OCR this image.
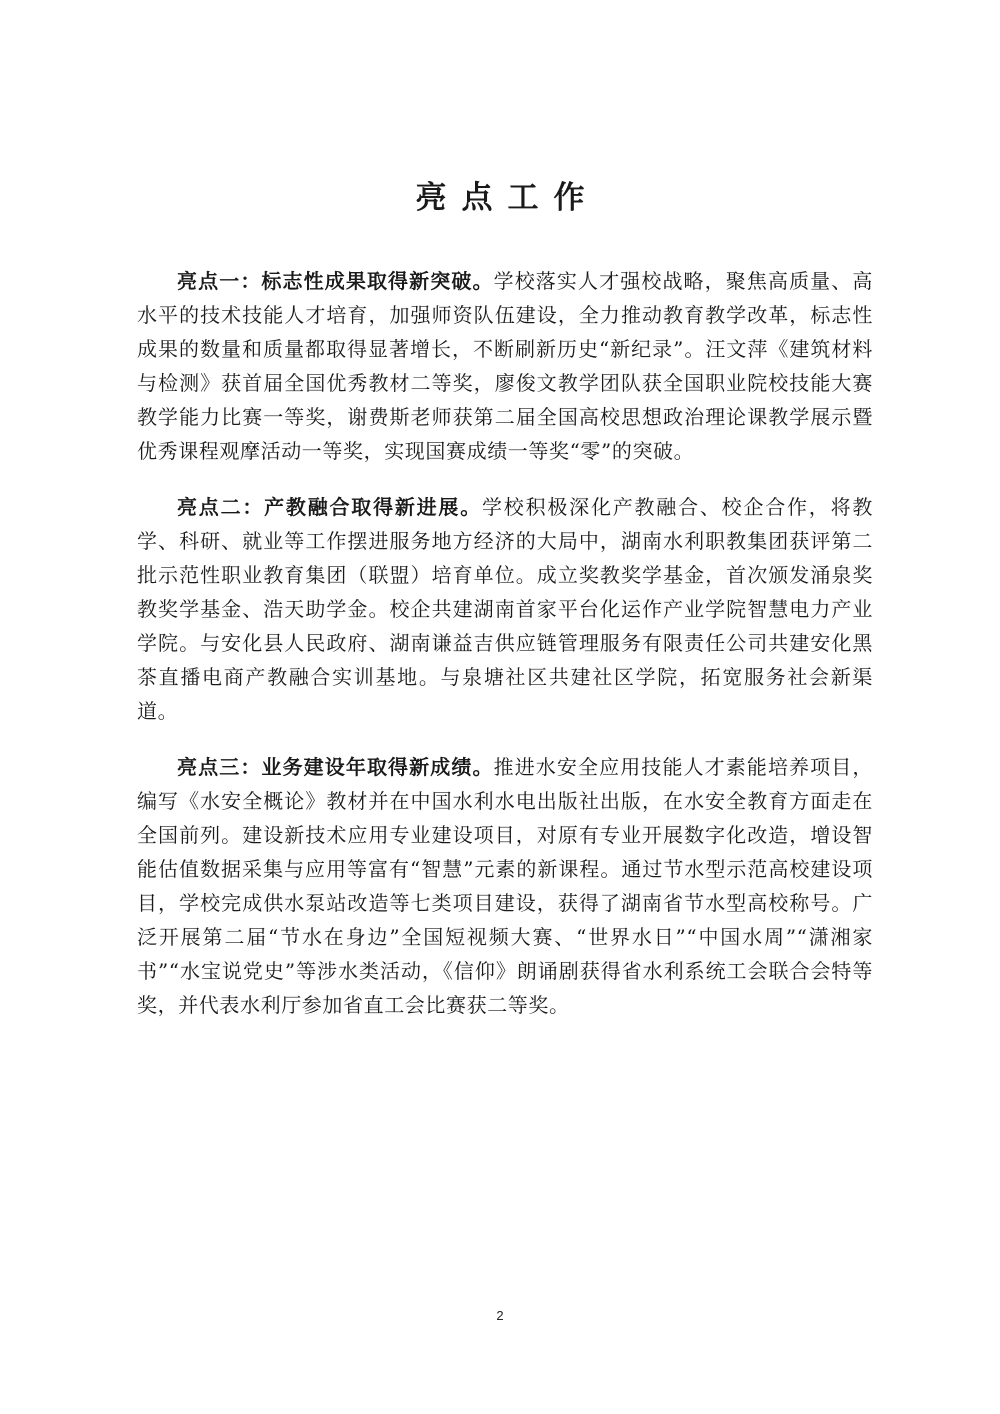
亮点工作

亮点一：标志性成果取得新突破。学校落实人才强校战略，聚焦高质量、高水平的技术技能人才培育，加强师资队伍建设，全力推动教育教学改革，标志性成果的数量和质量都取得显著增长，不断刷新历史“新纪录”。汪文萍《建筑材料与检测》获首届全国优秀教材二等奖，廖俊文教学团队获全国职业院校技能大赛教学能力比赛一等奖，谢费斯老师获第二届全国高校思想政治理论课教学展示暨优秀课程观摩活动一等奖，实现国赛成绩一等奖“零”的突破。

亮点二：产教融合取得新进展。学校积极深化产教融合、校企合作，将教学、科研、就业等工作摆进服务地方经济的大局中，湖南水利职教集团获评第二批示范性职业教育集团（联盟）培育单位。成立奖教奖学基金，首次颁发涌泉奖教奖学基金、浩天助学金。校企共建湖南首家平台化运作产业学院智慧电力产业学院。与安化县人民政府、湖南谦益吉供应链管理服务有限责任公司共建安化黑茶直播电商产教融合实训基地。与泉塘社区共建社区学院，拓宽服务社会新渠道。

亮点三：业务建设年取得新成绩。推进水安全应用技能人才素能培养项目，编写《水安全概论》教材并在中国水利水电出版社出版，在水安全教育方面走在全国前列。建设新技术应用专业建设项目，对原有专业开展数字化改造，增设智能估值数据采集与应用等富有“智慧”元素的新课程。通过节水型示范高校建设项目，学校完成供水泵站改造等七类项目建设，获得了湖南省节水型高校称号。广泛开展第二届“节水在身边”全国短视频大赛、“世界水日”“中国水周”“潇湘家书”“水宝说党史”等涉水类活动，《信仰》朗诵剧获得省水利系统工会联合会特等奖，并代表水利厅参加省直工会比赛获二等奖。

2
